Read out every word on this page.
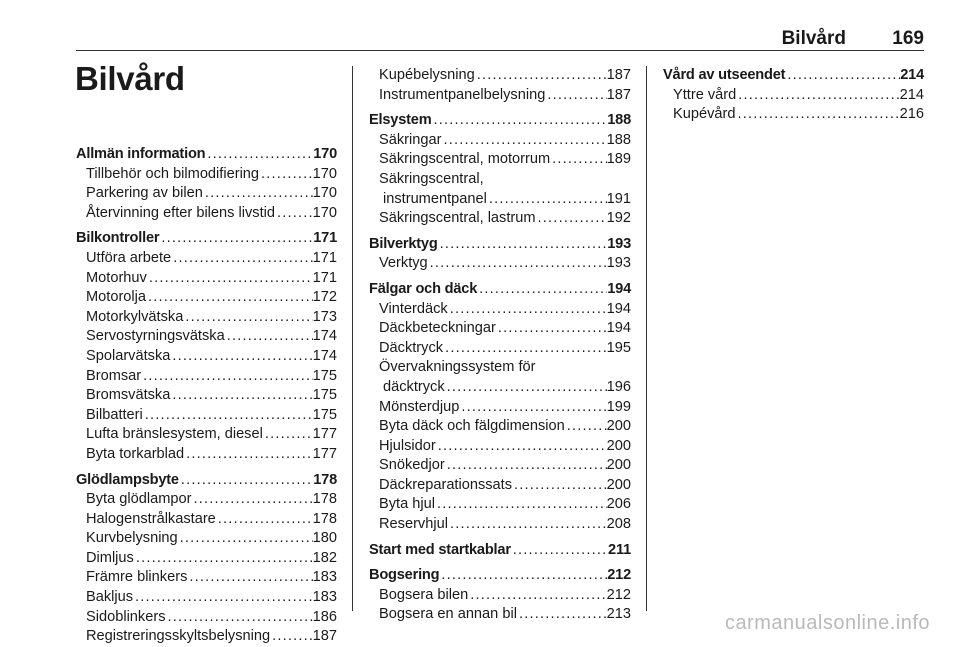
Bilvård 169
Bilvård
Allmän information .....	170
Tillbehör och bilmodifiering .....	170
Parkering av bilen .....	170
Återvinning efter bilens livstid .....	170
Bilkontroller .....	171
Utföra arbete .....	171
Motorhuv .....	171
Motorolja .....	172
Motorkylvätska .....	173
Servostyrningsvätska .....	174
Spolarvätska .....	174
Bromsar .....	175
Bromsvätska .....	175
Bilbatteri .....	175
Lufta bränslesystem, diesel .....	177
Byta torkarblad .....	177
Glödlampsbyte .....	178
Byta glödlampor .....	178
Halogenstrålkastare .....	178
Kurvbelysning .....	180
Dimljus .....	182
Främre blinkers .....	183
Bakljus .....	183
Sidoblinkers .....	186
Registreringsskyltsbelysning .....	187
Kupébelysning .....	187
Instrumentpanelbelysning .....	187
Elsystem .....	188
Säkringar .....	188
Säkringscentral, motorrum .....	189
Säkringscentral,
instrumentpanel .....	191
Säkringscentral, lastrum .....	192
Bilverktyg .....	193
Verktyg .....	193
Fälgar och däck .....	194
Vinterdäck .....	194
Däckbeteckningar .....	194
Däcktryck .....	195
Övervakningssystem för
däcktryck .....	196
Mönsterdjup .....	199
Byta däck och fälgdimension .....	200
Hjulsidor .....	200
Snökedjor .....	200
Däckreparationssats .....	200
Byta hjul .....	206
Reservhjul .....	208
Start med startkablar .....	211
Bogsering .....	212
Bogsera bilen .....	212
Bogsera en annan bil .....	213
Vård av utseendet .....	214
Yttre vård .....	214
Kupévård .....	216
carmanualsonline.info
